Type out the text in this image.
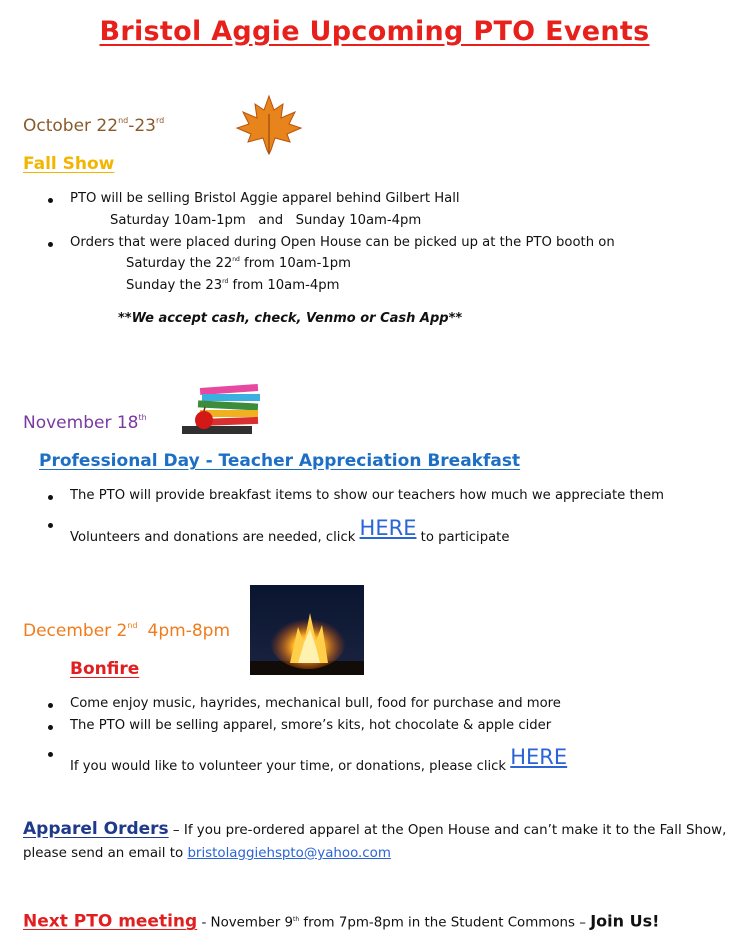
Bristol Aggie Upcoming PTO Events
October 22nd-23rd
Fall Show
PTO will be selling Bristol Aggie apparel behind Gilbert Hall
Saturday 10am-1pm   and   Sunday 10am-4pm
Orders that were placed during Open House can be picked up at the PTO booth on
Saturday the 22nd from 10am-1pm
Sunday the 23rd from 10am-4pm
**We accept cash, check, Venmo or Cash App**
November 18th
Professional Day - Teacher Appreciation Breakfast
The PTO will provide breakfast items to show our teachers how much we appreciate them
Volunteers and donations are needed, click HERE to participate
December 2nd 4pm-8pm
Bonfire
Come enjoy music, hayrides, mechanical bull, food for purchase and more
The PTO will be selling apparel, smore’s kits, hot chocolate & apple cider
If you would like to volunteer your time, or donations, please click HERE
Apparel Orders – If you pre-ordered apparel at the Open House and can’t make it to the Fall Show,
please send an email to bristolaggiehspto@yahoo.com
Next PTO meeting - November 9th from 7pm-8pm in the Student Commons – Join Us!
